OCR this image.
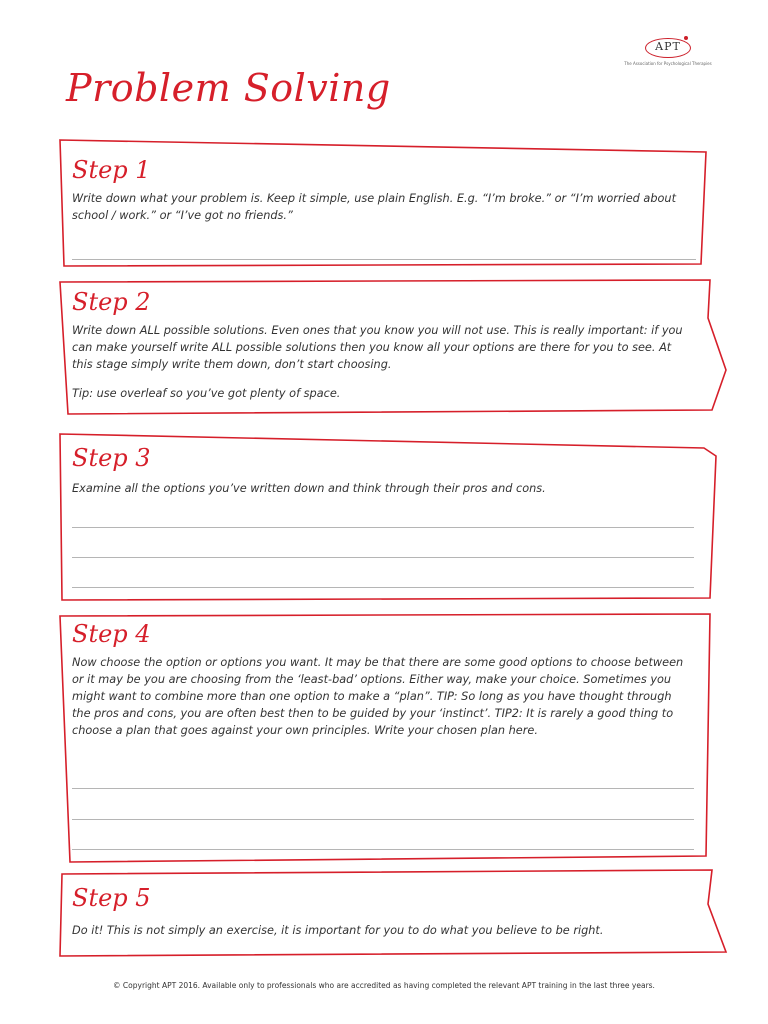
APT
The Association for Psychological Therapies
Problem Solving
Step 1

Write down what your problem is. Keep it simple, use plain English. E.g. “I’m broke.” or “I’m worried about school / work.” or “I’ve got no friends.”

Step 2

Write down ALL possible solutions. Even ones that you know you will not use. This is really important: if you can make yourself write ALL possible solutions then you know all your options are there for you to see. At this stage simply write them down, don’t start choosing.

Tip: use overleaf so you’ve got plenty of space.

Step 3

Examine all the options you’ve written down and think through their pros and cons.

Step 4

Now choose the option or options you want. It may be that there are some good options to choose between or it may be you are choosing from the ‘least-bad’ options. Either way, make your choice. Sometimes you might want to combine more than one option to make a “plan”. TIP: So long as you have thought through the pros and cons, you are often best then to be guided by your ‘instinct’. TIP2: It is rarely a good thing to choose a plan that goes against your own principles. Write your chosen plan here.

Step 5

Do it! This is not simply an exercise, it is important for you to do what you believe to be right.

© Copyright APT 2016. Available only to professionals who are accredited as having completed the relevant APT training in the last three years.
